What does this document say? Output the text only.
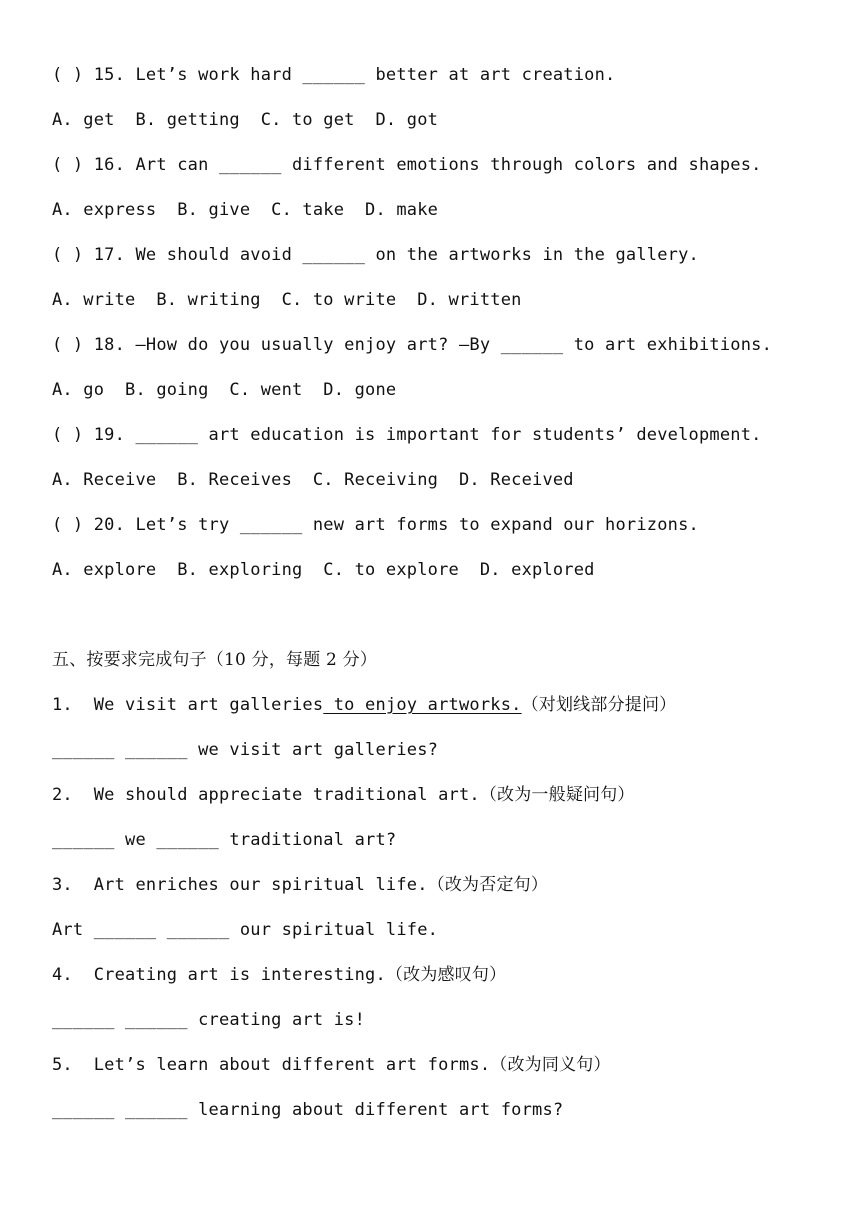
( ) 15. Let’s work hard ______ better at art creation.
A. get  B. getting  C. to get  D. got
( ) 16. Art can ______ different emotions through colors and shapes.
A. express  B. give  C. take  D. make
( ) 17. We should avoid ______ on the artworks in the gallery.
A. write  B. writing  C. to write  D. written
( ) 18. —How do you usually enjoy art? —By ______ to art exhibitions.
A. go  B. going  C. went  D. gone
( ) 19. ______ art education is important for students’ development.
A. Receive  B. Receives  C. Receiving  D. Received
( ) 20. Let’s try ______ new art forms to expand our horizons.
A. explore  B. exploring  C. to explore  D. explored
五、按要求完成句子（10 分，每题 2 分）
1.  We visit art galleries to enjoy artworks.（对划线部分提问）
______ ______ we visit art galleries?
2.  We should appreciate traditional art.（改为一般疑问句）
______ we ______ traditional art?
3.  Art enriches our spiritual life.（改为否定句）
Art ______ ______ our spiritual life.
4.  Creating art is interesting.（改为感叹句）
______ ______ creating art is!
5.  Let’s learn about different art forms.（改为同义句）
______ ______ learning about different art forms?
